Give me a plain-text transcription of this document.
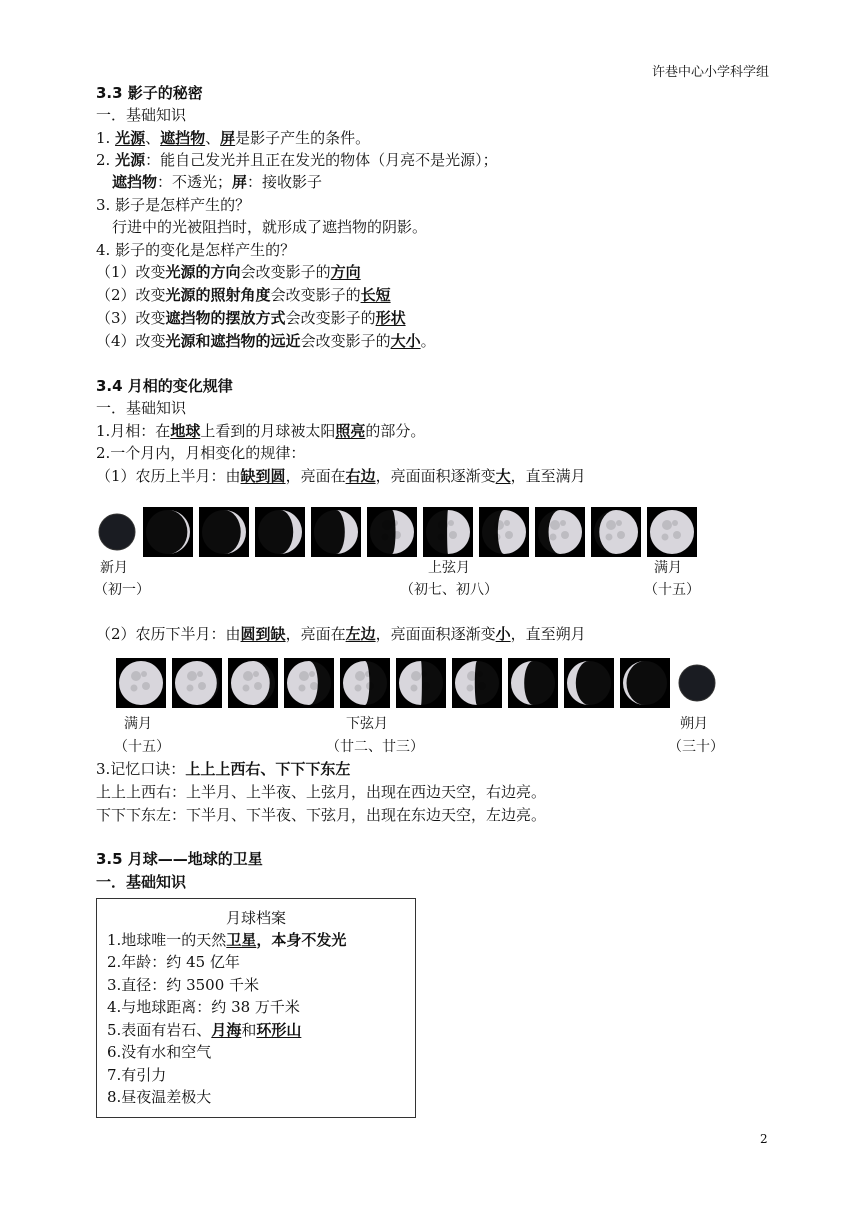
许巷中心小学科学组
3.3 影子的秘密
一．基础知识
1. 光源、遮挡物、屏是影子产生的条件。
2. 光源：能自己发光并且正在发光的物体（月亮不是光源）；
遮挡物：不透光；屏：接收影子
3. 影子是怎样产生的？
行进中的光被阻挡时，就形成了遮挡物的阴影。
4. 影子的变化是怎样产生的？
（1）改变光源的方向会改变影子的方向
（2）改变光源的照射角度会改变影子的长短
（3）改变遮挡物的摆放方式会改变影子的形状
（4）改变光源和遮挡物的远近会改变影子的大小。
3.4 月相的变化规律
一．基础知识
1.月相：在地球上看到的月球被太阳照亮的部分。
2.一个月内，月相变化的规律：
（1）农历上半月：由缺到圆，亮面在右边，亮面面积逐渐变大，直至满月
新月
（初一）
上弦月
（初七、初八）
满月
（十五）
（2）农历下半月：由圆到缺，亮面在左边，亮面面积逐渐变小，直至朔月
满月
（十五）
下弦月
（廿二、廿三）
朔月
（三十）
3.记忆口诀：上上上西右、下下下东左
上上上西右：上半月、上半夜、上弦月，出现在西边天空，右边亮。
下下下东左：下半月、下半夜、下弦月，出现在东边天空，左边亮。
3.5 月球——地球的卫星
一．基础知识
月球档案
1.地球唯一的天然卫星，本身不发光
2.年龄：约 45 亿年
3.直径：约 3500 千米
4.与地球距离：约 38 万千米
5.表面有岩石、月海和环形山
6.没有水和空气
7.有引力
8.昼夜温差极大
2
